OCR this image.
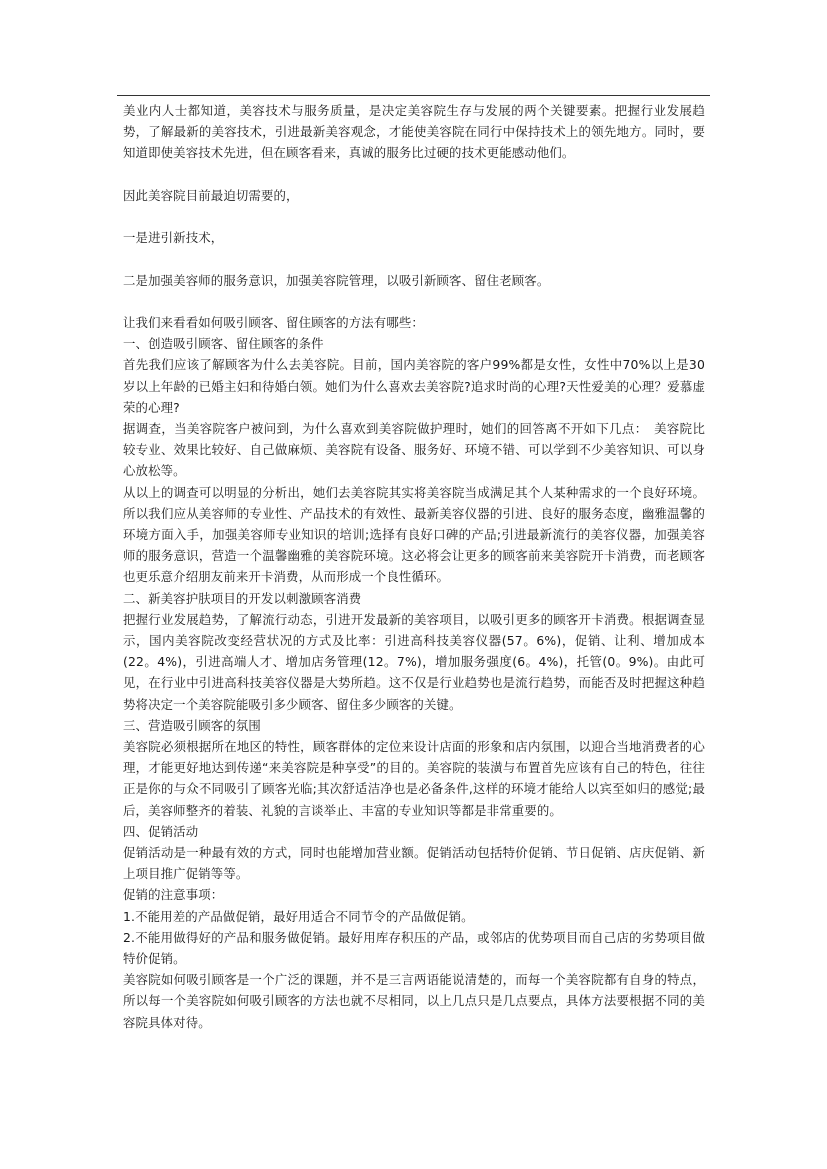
美业内人士都知道，美容技术与服务质量，是决定美容院生存与发展的两个关键要素。把握行业发展趋势，了解最新的美容技术，引进最新美容观念，才能使美容院在同行中保持技术上的领先地方。同时，要知道即使美容技术先进，但在顾客看来，真诚的服务比过硬的技术更能感动他们。

因此美容院目前最迫切需要的，

一是进引新技术，

二是加强美容师的服务意识，加强美容院管理，以吸引新顾客、留住老顾客。

让我们来看看如何吸引顾客、留住顾客的方法有哪些：

一、创造吸引顾客、留住顾客的条件

首先我们应该了解顾客为什么去美容院。目前，国内美容院的客户99%都是女性，女性中70%以上是30岁以上年龄的已婚主妇和待婚白领。她们为什么喜欢去美容院?追求时尚的心理?天性爱美的心理？爱慕虚荣的心理?

据调查，当美容院客户被问到，为什么喜欢到美容院做护理时，她们的回答离不开如下几点：　美容院比较专业、效果比较好、自己做麻烦、美容院有设备、服务好、环境不错、可以学到不少美容知识、可以身心放松等。

从以上的调查可以明显的分析出，她们去美容院其实将美容院当成满足其个人某种需求的一个良好环境。所以我们应从美容师的专业性、产品技术的有效性、最新美容仪器的引进、良好的服务态度，幽雅温馨的环境方面入手，加强美容师专业知识的培训;选择有良好口碑的产品;引进最新流行的美容仪器，加强美容师的服务意识，营造一个温馨幽雅的美容院环境。这必将会让更多的顾客前来美容院开卡消费，而老顾客也更乐意介绍朋友前来开卡消费，从而形成一个良性循环。

二、新美容护肤项目的开发以刺激顾客消费

把握行业发展趋势，了解流行动态，引进开发最新的美容项目，以吸引更多的顾客开卡消费。根据调查显示，国内美容院改变经营状况的方式及比率：引进高科技美容仪器(57。6%)，促销、让利、增加成本(22。4%)，引进高端人才、增加店务管理(12。7%)，增加服务强度(6。4%)，托管(0。9%)。由此可见，在行业中引进高科技美容仪器是大势所趋。这不仅是行业趋势也是流行趋势，而能否及时把握这种趋势将决定一个美容院能吸引多少顾客、留住多少顾客的关键。

三、营造吸引顾客的氛围

美容院必须根据所在地区的特性，顾客群体的定位来设计店面的形象和店内氛围，以迎合当地消费者的心理，才能更好地达到传递“来美容院是种享受”的目的。美容院的装潢与布置首先应该有自己的特色，往往正是你的与众不同吸引了顾客光临;其次舒适洁净也是必备条件,这样的环境才能给人以宾至如归的感觉;最后，美容师整齐的着装、礼貌的言谈举止、丰富的专业知识等都是非常重要的。

四、促销活动

促销活动是一种最有效的方式，同时也能增加营业额。促销活动包括特价促销、节日促销、店庆促销、新上项目推广促销等等。

促销的注意事项：

1.不能用差的产品做促销，最好用适合不同节令的产品做促销。

2.不能用做得好的产品和服务做促销。最好用库存积压的产品，或邻店的优势项目而自己店的劣势项目做特价促销。

美容院如何吸引顾客是一个广泛的课题，并不是三言两语能说清楚的，而每一个美容院都有自身的特点，所以每一个美容院如何吸引顾客的方法也就不尽相同，以上几点只是几点要点，具体方法要根据不同的美容院具体对待。
